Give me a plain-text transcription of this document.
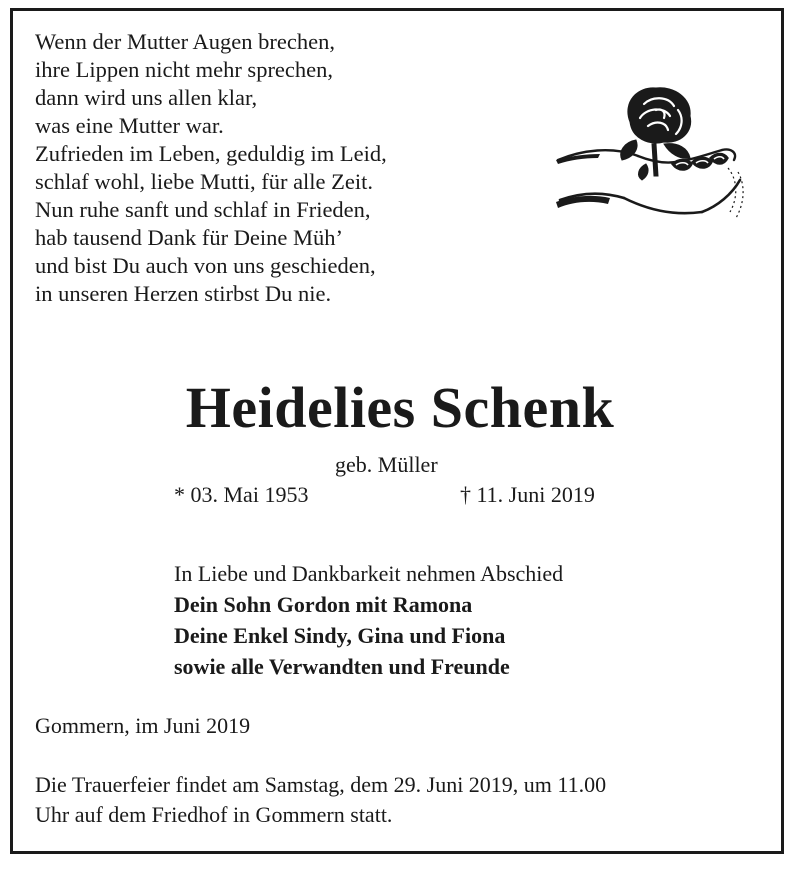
Wenn der Mutter Augen brechen,
ihre Lippen nicht mehr sprechen,
dann wird uns allen klar,
was eine Mutter war.
Zufrieden im Leben, geduldig im Leid,
schlaf wohl, liebe Mutti, für alle Zeit.
Nun ruhe sanft und schlaf in Frieden,
hab tausend Dank für Deine Müh’
und bist Du auch von uns geschieden,
in unseren Herzen stirbst Du nie.
Heidelies Schenk
geb. Müller
* 03. Mai 1953	† 11. Juni 2019
In Liebe und Dankbarkeit nehmen Abschied
Dein Sohn Gordon mit Ramona
Deine Enkel Sindy, Gina und Fiona
sowie alle Verwandten und Freunde
Gommern, im Juni 2019
Die Trauerfeier findet am Samstag, dem 29. Juni 2019, um 11.00
Uhr auf dem Friedhof in Gommern statt.
